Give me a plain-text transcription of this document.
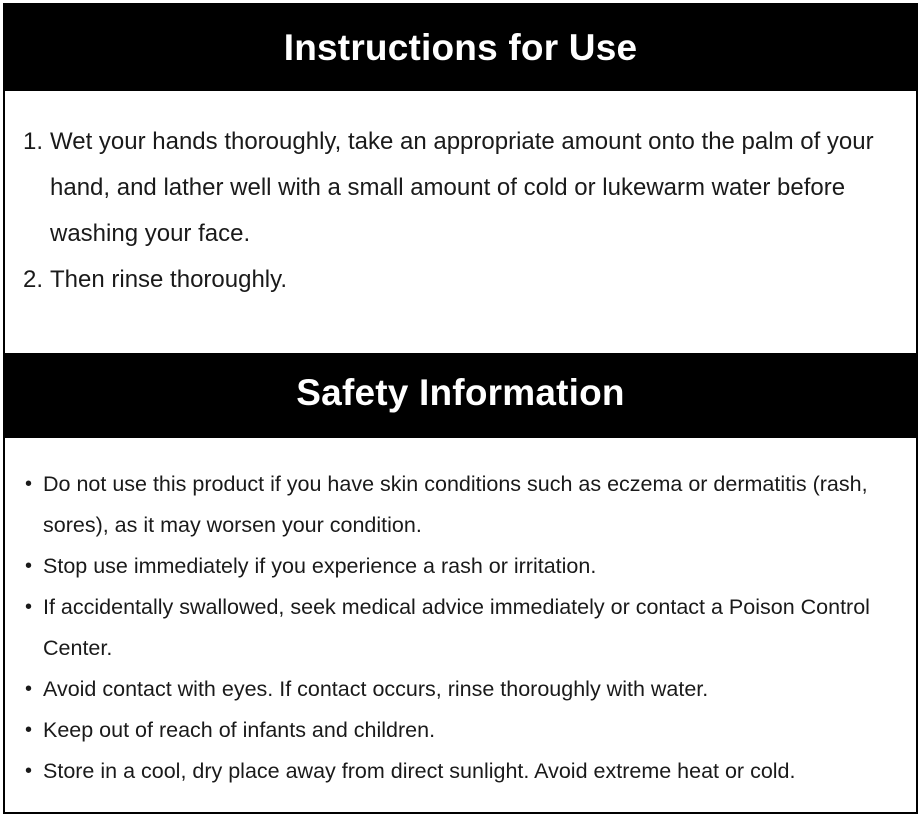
Instructions for Use
1. Wet your hands thoroughly, take an appropriate amount onto the palm of your hand, and lather well with a small amount of cold or lukewarm water before washing your face.
2. Then rinse thoroughly.
Safety Information
• Do not use this product if you have skin conditions such as eczema or dermatitis (rash, sores), as it may worsen your condition.
• Stop use immediately if you experience a rash or irritation.
• If accidentally swallowed, seek medical advice immediately or contact a Poison Control Center.
• Avoid contact with eyes. If contact occurs, rinse thoroughly with water.
• Keep out of reach of infants and children.
• Store in a cool, dry place away from direct sunlight. Avoid extreme heat or cold.
